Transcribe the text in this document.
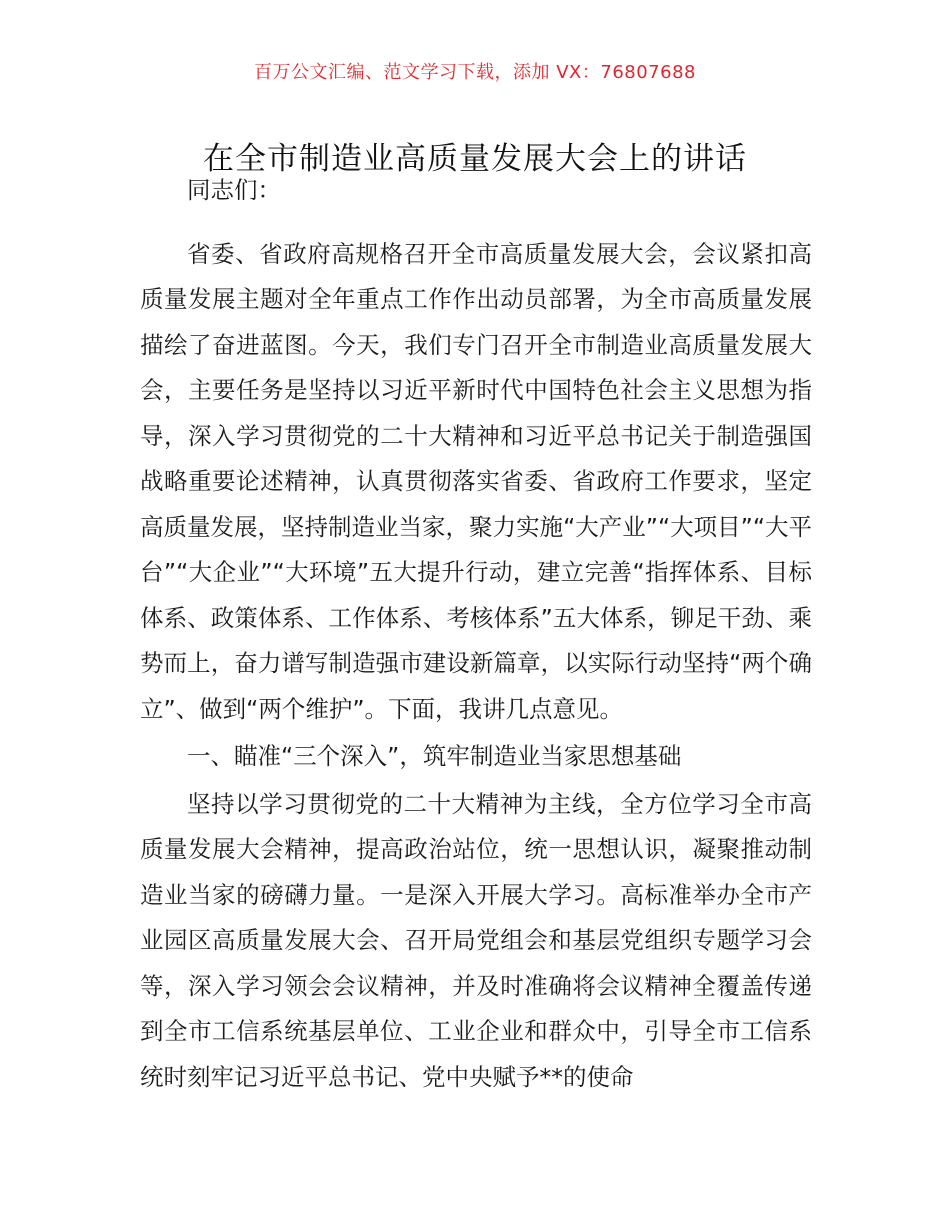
百万公文汇编、范文学习下载，添加 VX：76807688
在全市制造业高质量发展大会上的讲话

同志们：

省委、省政府高规格召开全市高质量发展大会，会议紧扣高质量发展主题对全年重点工作作出动员部署，为全市高质量发展描绘了奋进蓝图。今天，我们专门召开全市制造业高质量发展大会，主要任务是坚持以习近平新时代中国特色社会主义思想为指导，深入学习贯彻党的二十大精神和习近平总书记关于制造强国战略重要论述精神，认真贯彻落实省委、省政府工作要求，坚定高质量发展，坚持制造业当家，聚力实施“大产业”“大项目”“大平台”“大企业”“大环境”五大提升行动，建立完善“指挥体系、目标体系、政策体系、工作体系、考核体系”五大体系，铆足干劲、乘势而上，奋力谱写制造强市建设新篇章，以实际行动坚持“两个确立”、做到“两个维护”。下面，我讲几点意见。

一、瞄准“三个深入”，筑牢制造业当家思想基础

坚持以学习贯彻党的二十大精神为主线，全方位学习全市高质量发展大会精神，提高政治站位，统一思想认识，凝聚推动制造业当家的磅礴力量。一是深入开展大学习。高标准举办全市产业园区高质量发展大会、召开局党组会和基层党组织专题学习会等，深入学习领会会议精神，并及时准确将会议精神全覆盖传递到全市工信系统基层单位、工业企业和群众中，引导全市工信系统时刻牢记习近平总书记、党中央赋予**的使命
